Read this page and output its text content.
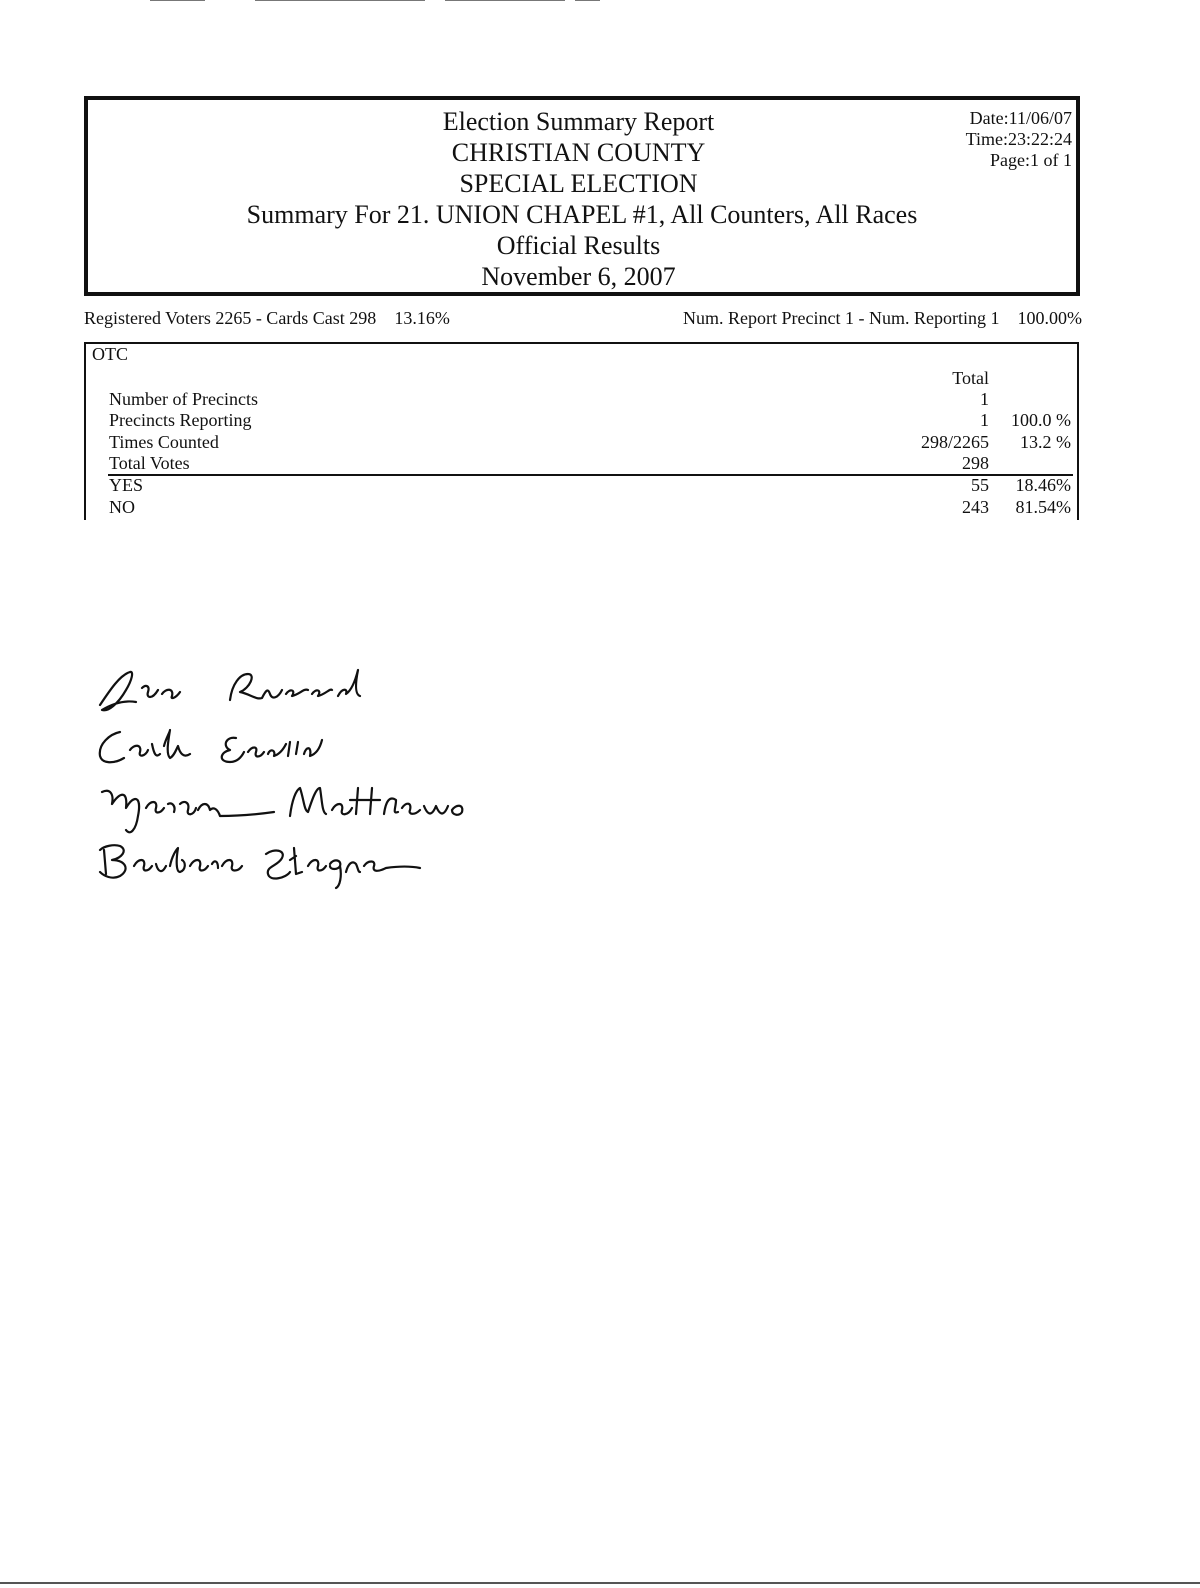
Election Summary Report
CHRISTIAN COUNTY
SPECIAL ELECTION
Summary For 21. UNION CHAPEL #1, All Counters, All Races
Official Results
November 6, 2007
Date:11/06/07
Time:23:22:24
Page:1 of 1
Registered Voters 2265 - Cards Cast 298 13.16%	Num. Report Precinct 1 - Num. Reporting 1 100.00%
OTC
Total
Number of Precincts	1
Precincts Reporting	1 100.0 %
Times Counted	298/2265 13.2 %
Total Votes	298
YES	55 18.46%
NO	243 81.54%
